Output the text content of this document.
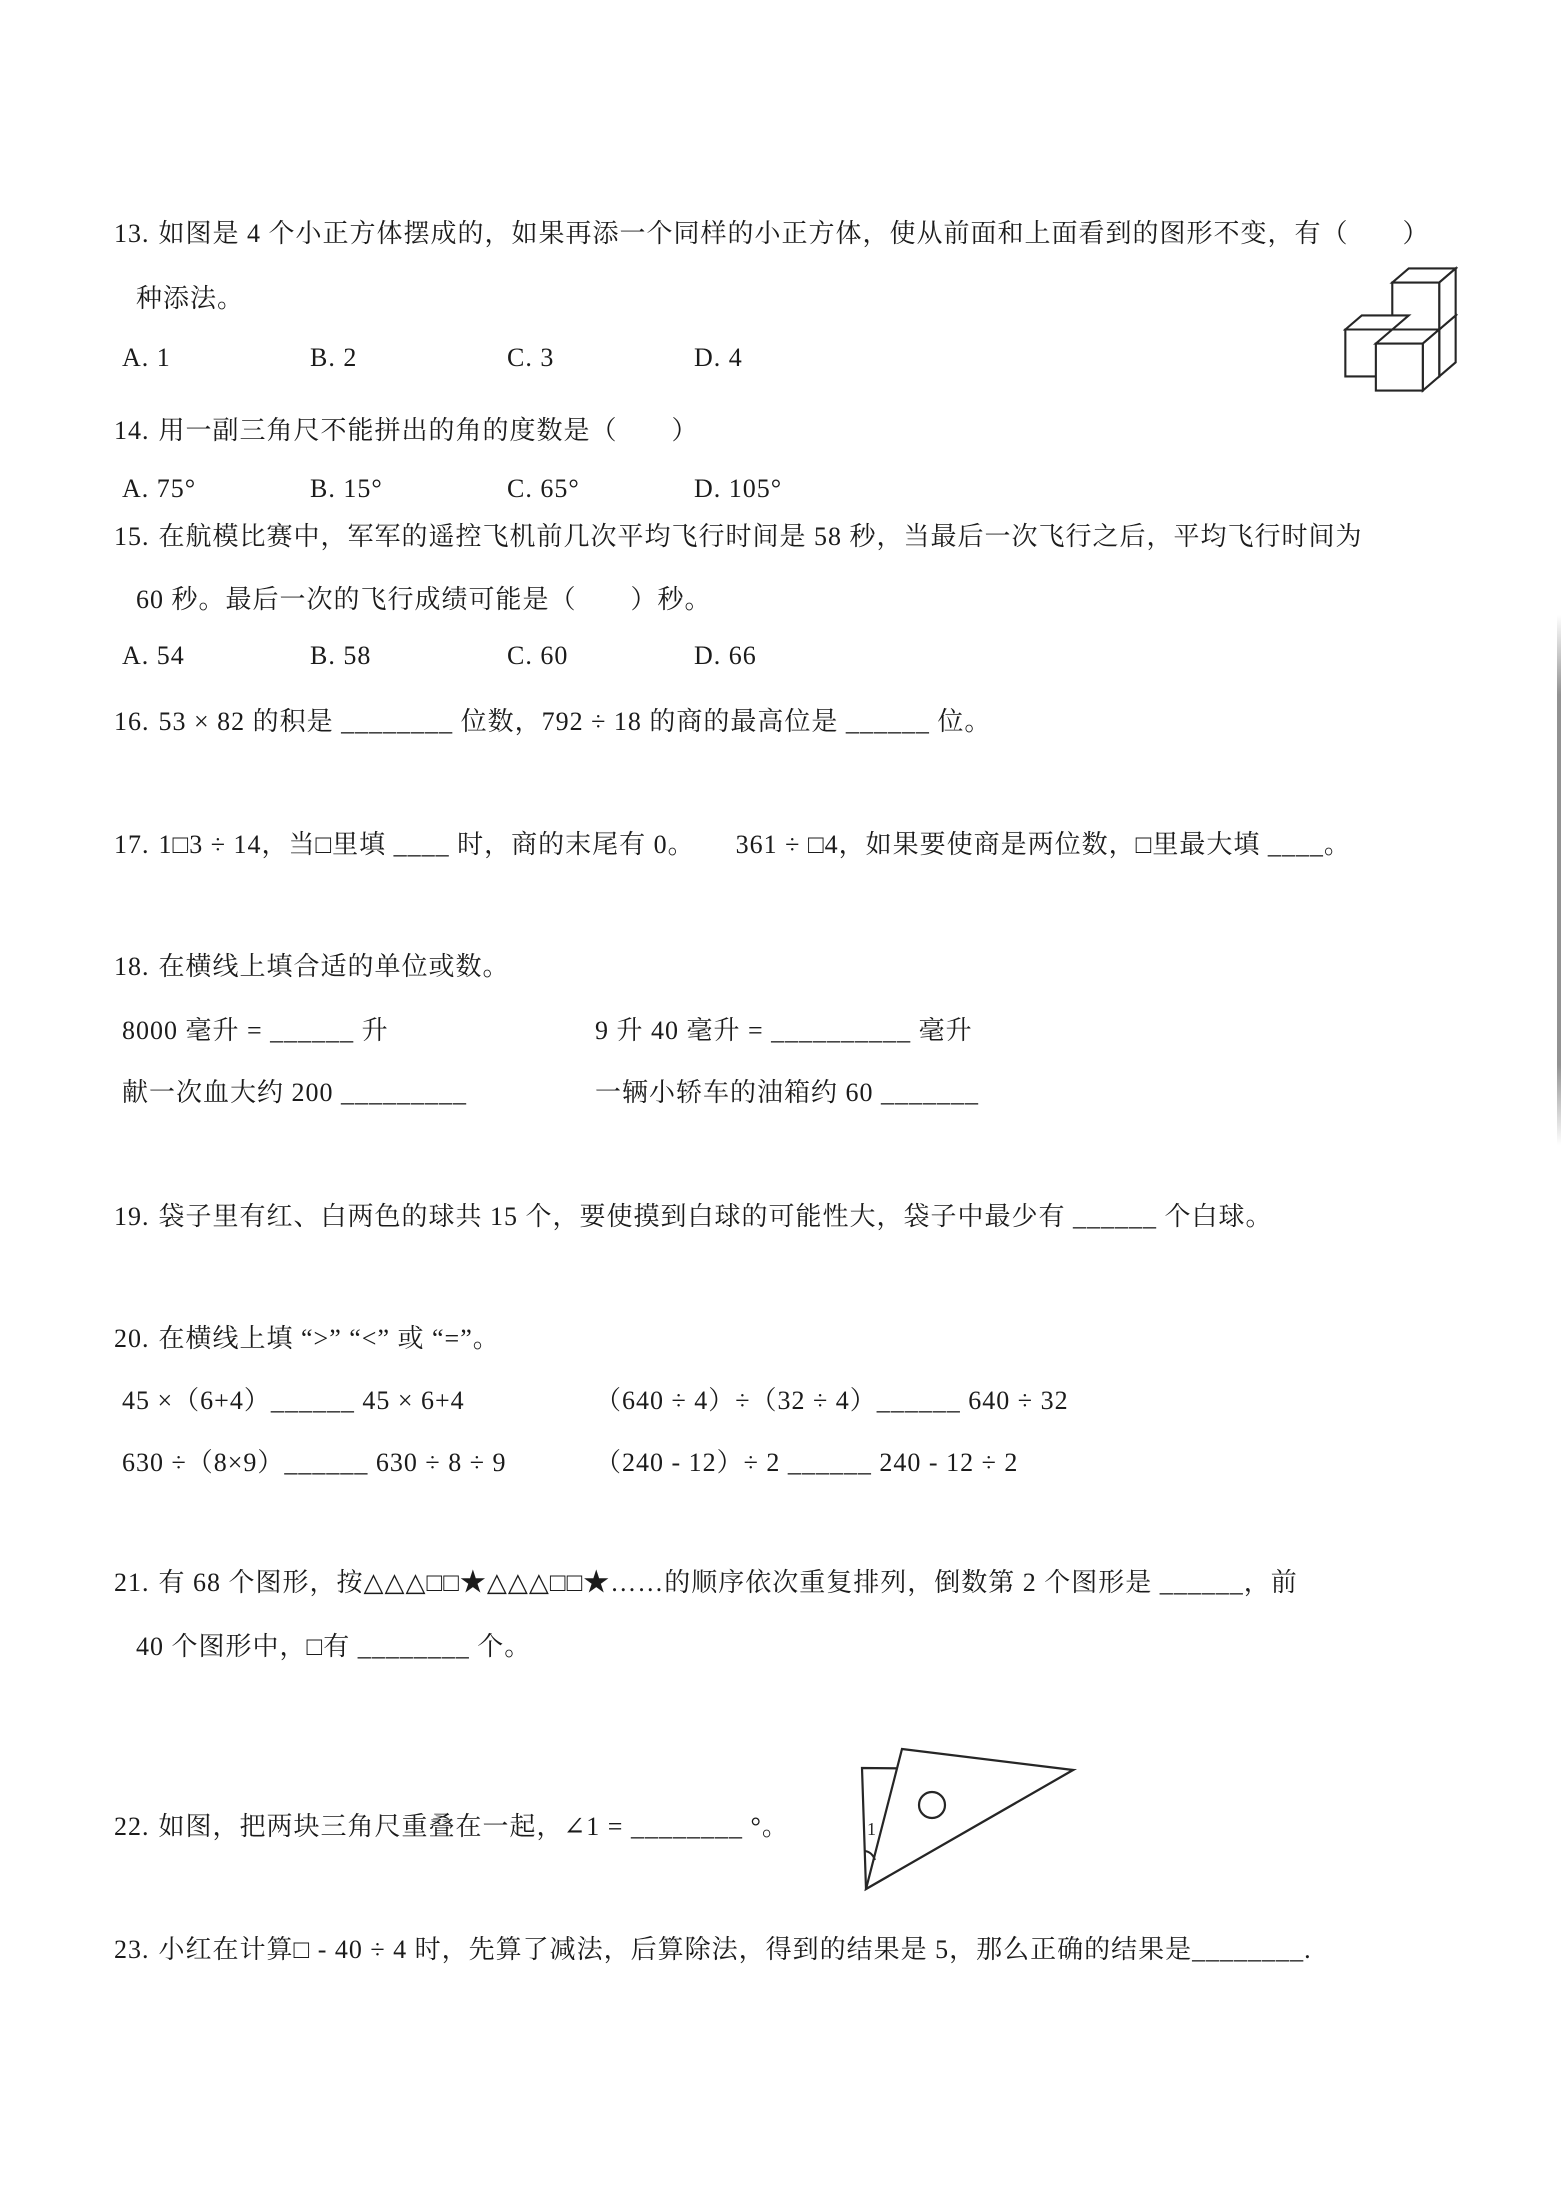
13. 如图是 4 个小正方体摆成的，如果再添一个同样的小正方体，使从前面和上面看到的图形不变，有（　　）
种添法。
A. 1	B. 2	C. 3	D. 4
14. 用一副三角尺不能拼出的角的度数是（　　）
A. 75°	B. 15°	C. 65°	D. 105°
15. 在航模比赛中，军军的遥控飞机前几次平均飞行时间是 58 秒，当最后一次飞行之后，平均飞行时间为
60 秒。最后一次的飞行成绩可能是（　　）秒。
A. 54	B. 58	C. 60	D. 66
16. 53 × 82 的积是 ________ 位数，792 ÷ 18 的商的最高位是 ______ 位。
17. 1□3 ÷ 14，当□里填 ____ 时，商的末尾有 0。　　361 ÷ □4，如果要使商是两位数，□里最大填 ____。
18. 在横线上填合适的单位或数。
8000 毫升 = ______ 升	9 升 40 毫升 = __________ 毫升
献一次血大约 200 _________	一辆小轿车的油箱约 60 _______
19. 袋子里有红、白两色的球共 15 个，要使摸到白球的可能性大，袋子中最少有 ______ 个白球。
20. 在横线上填 “>” “<” 或 “=”。
45 ×（6+4）______ 45 × 6+4	（640 ÷ 4）÷（32 ÷ 4）______ 640 ÷ 32
630 ÷（8×9）______ 630 ÷ 8 ÷ 9	（240 - 12）÷ 2 ______ 240 - 12 ÷ 2
21. 有 68 个图形，按△△△□□★△△△□□★……的顺序依次重复排列，倒数第 2 个图形是 ______，前
40 个图形中，□有 ________ 个。
22. 如图，把两块三角尺重叠在一起，∠1 = ________ °。	1
23. 小红在计算□ - 40 ÷ 4 时，先算了减法，后算除法，得到的结果是 5，那么正确的结果是________.
